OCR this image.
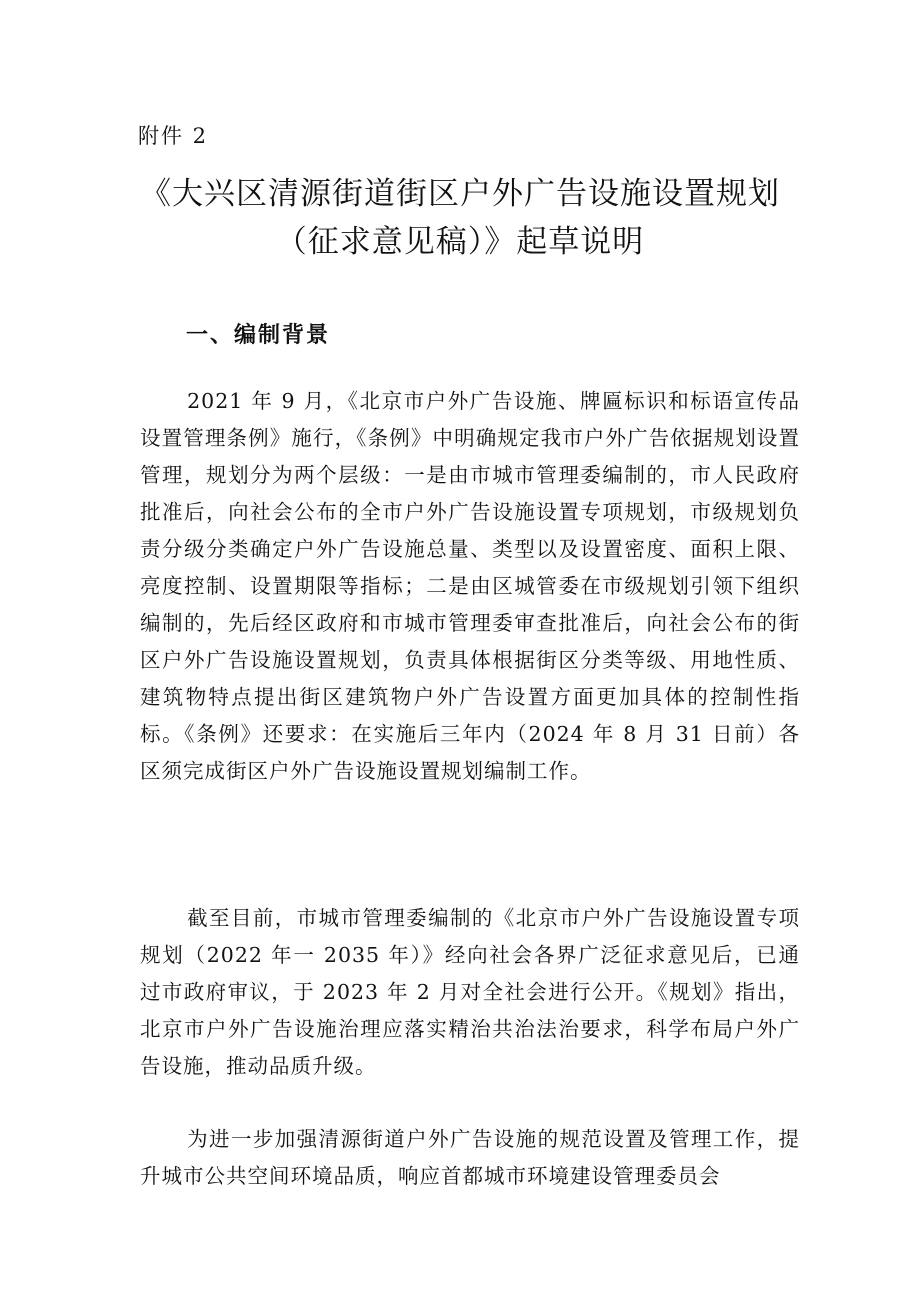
附件 2
《大兴区清源街道街区户外广告设施设置规划
（征求意见稿）》起草说明
一、编制背景

2021 年 9 月，《北京市户外广告设施、牌匾标识和标语宣传品设置管理条例》施行，《条例》中明确规定我市户外广告依据规划设置管理，规划分为两个层级：一是由市城市管理委编制的，市人民政府批准后，向社会公布的全市户外广告设施设置专项规划，市级规划负责分级分类确定户外广告设施总量、类型以及设置密度、面积上限、亮度控制、设置期限等指标；二是由区城管委在市级规划引领下组织编制的，先后经区政府和市城市管理委审查批准后，向社会公布的街区户外广告设施设置规划，负责具体根据街区分类等级、用地性质、建筑物特点提出街区建筑物户外广告设置方面更加具体的控制性指标。《条例》还要求：在实施后三年内（2024 年 8 月 31 日前）各区须完成街区户外广告设施设置规划编制工作。

截至目前，市城市管理委编制的《北京市户外广告设施设置专项规划（2022 年一 2035 年）》经向社会各界广泛征求意见后，已通过市政府审议，于 2023 年 2 月对全社会进行公开。《规划》指出，北京市户外广告设施治理应落实精治共治法治要求，科学布局户外广告设施，推动品质升级。

为进一步加强清源街道户外广告设施的规范设置及管理工作，提升城市公共空间环境品质，响应首都城市环境建设管理委员会
